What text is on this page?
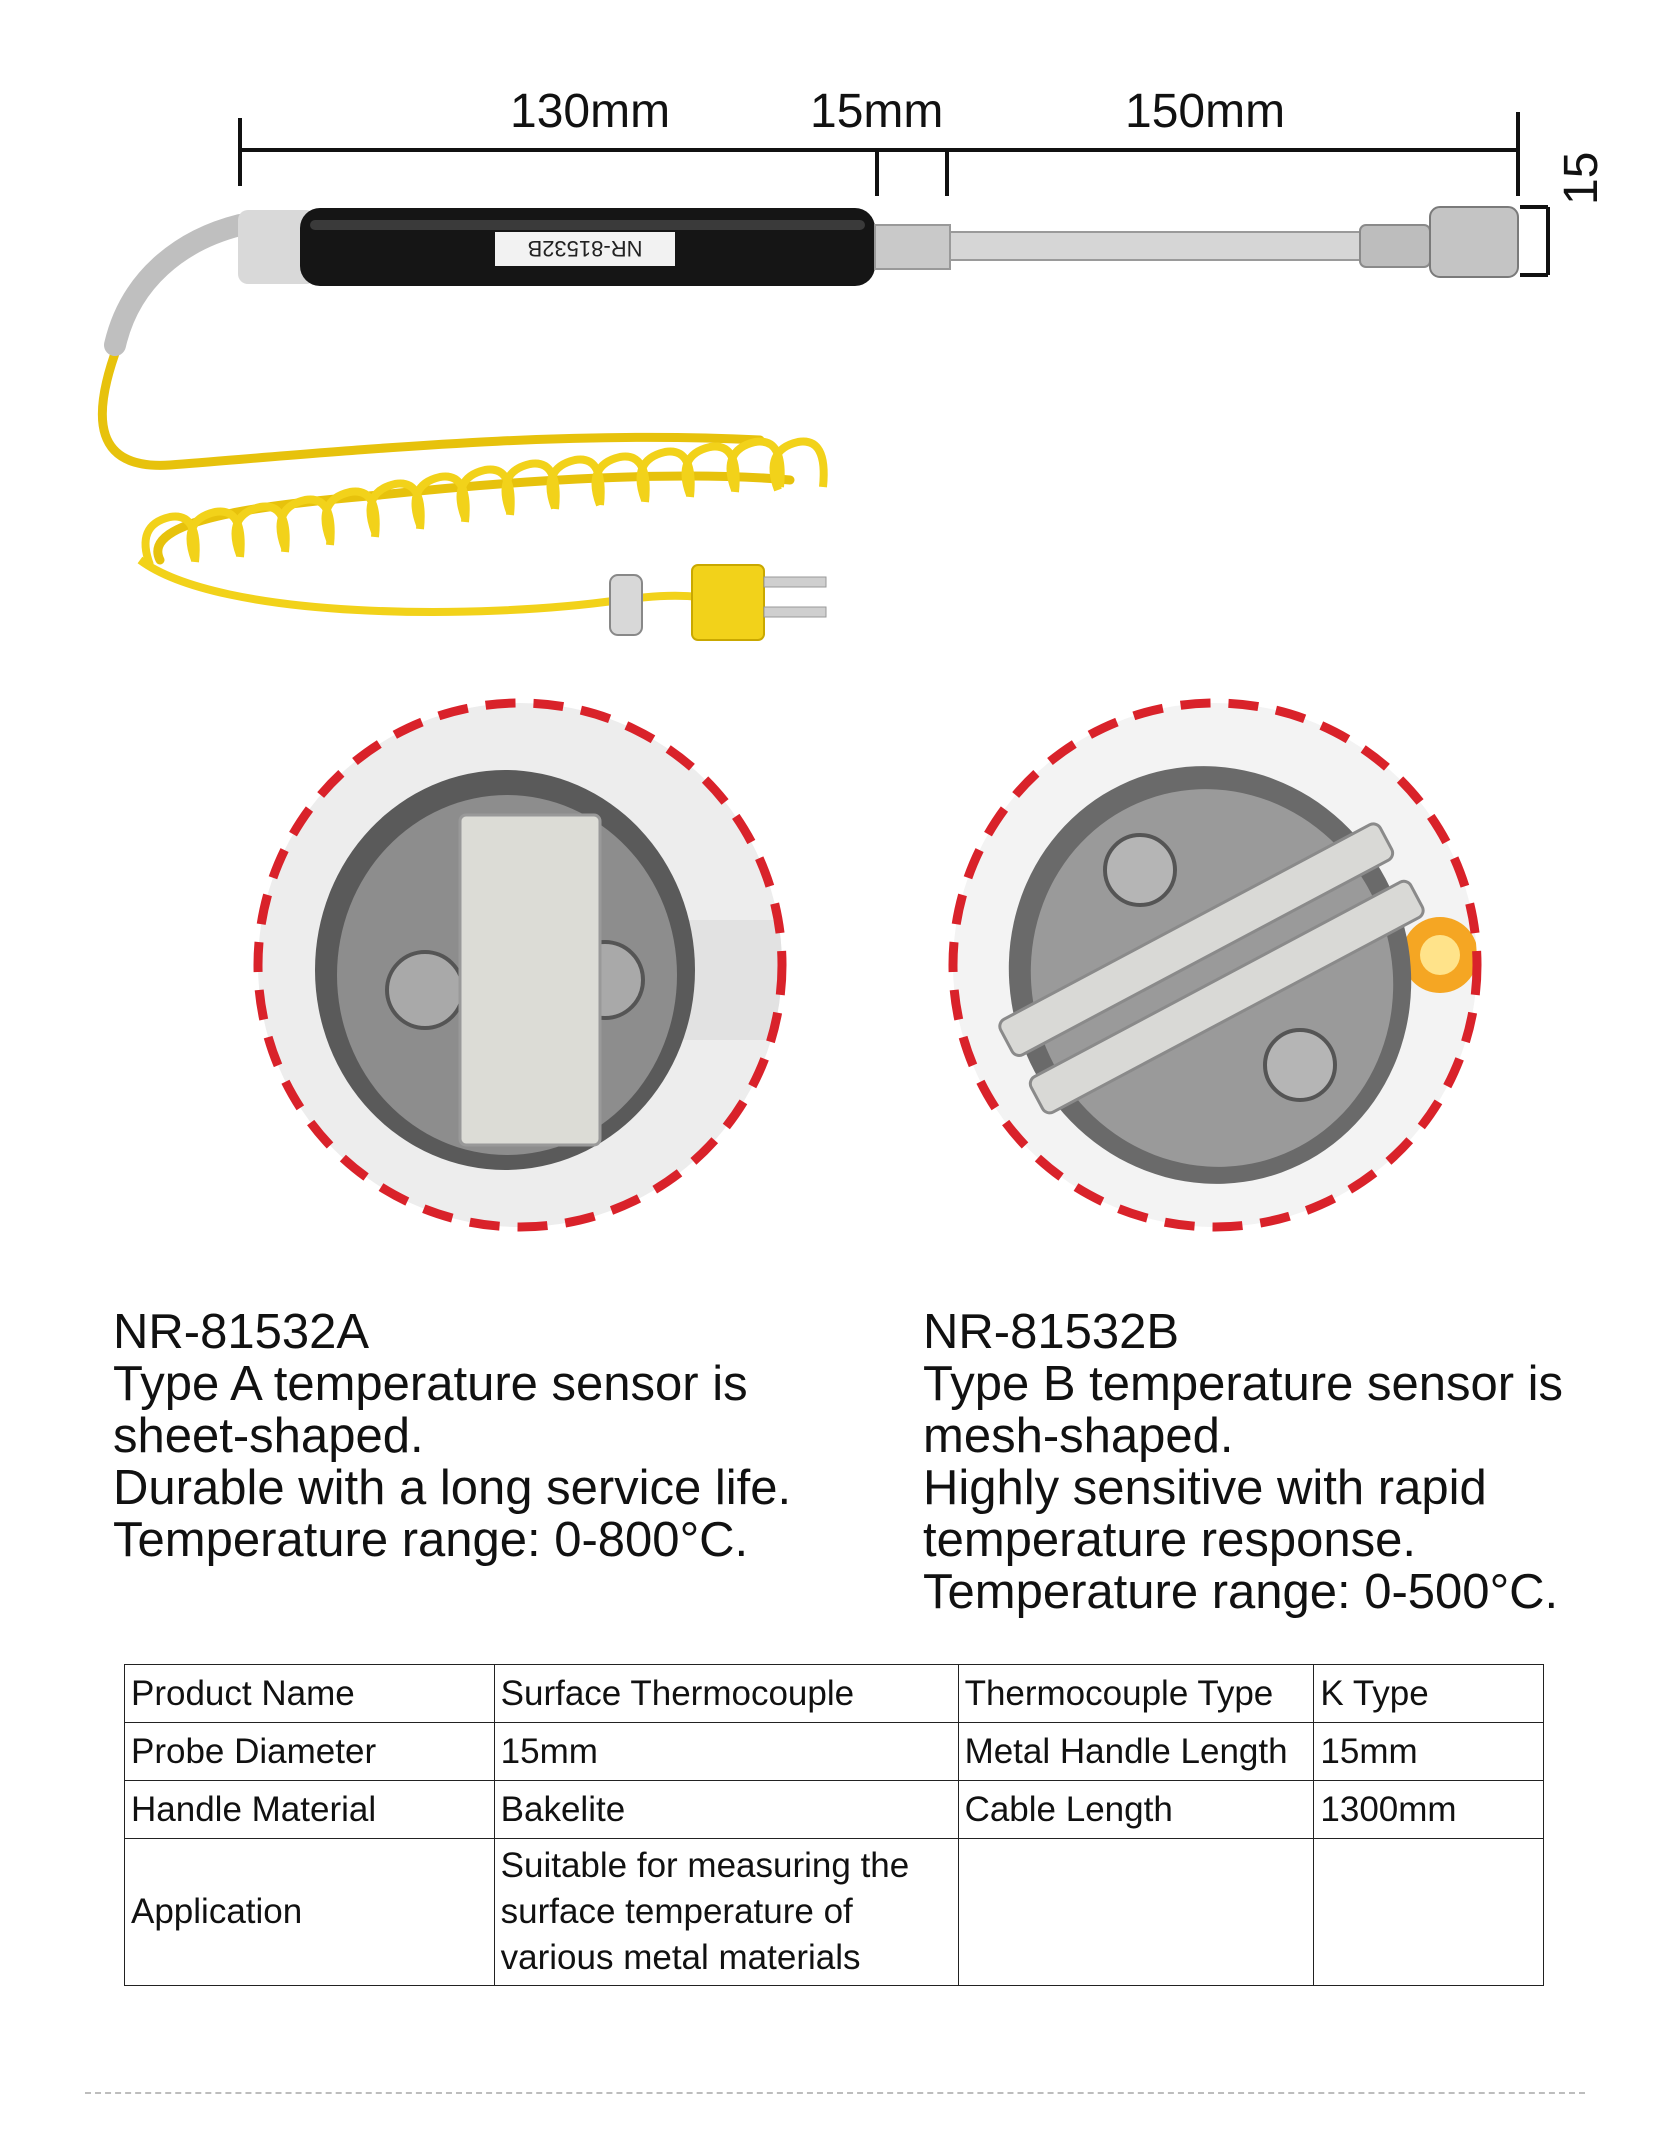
NR-81532B
130mm	15mm	150mm
15
NR-81532A
Type A temperature sensor is
sheet-shaped.
Durable with a long service life.
Temperature range: 0-800°C.
NR-81532B
Type B temperature sensor is
mesh-shaped.
Highly sensitive with rapid
temperature response.
Temperature range: 0-500°C.
Product Name	Surface Thermocouple	Thermocouple Type	K Type
Probe Diameter	15mm	Metal Handle Length	15mm
Handle Material	Bakelite	Cable Length	1300mm
Application	Suitable for measuring the
surface temperature of
various metal materials		
